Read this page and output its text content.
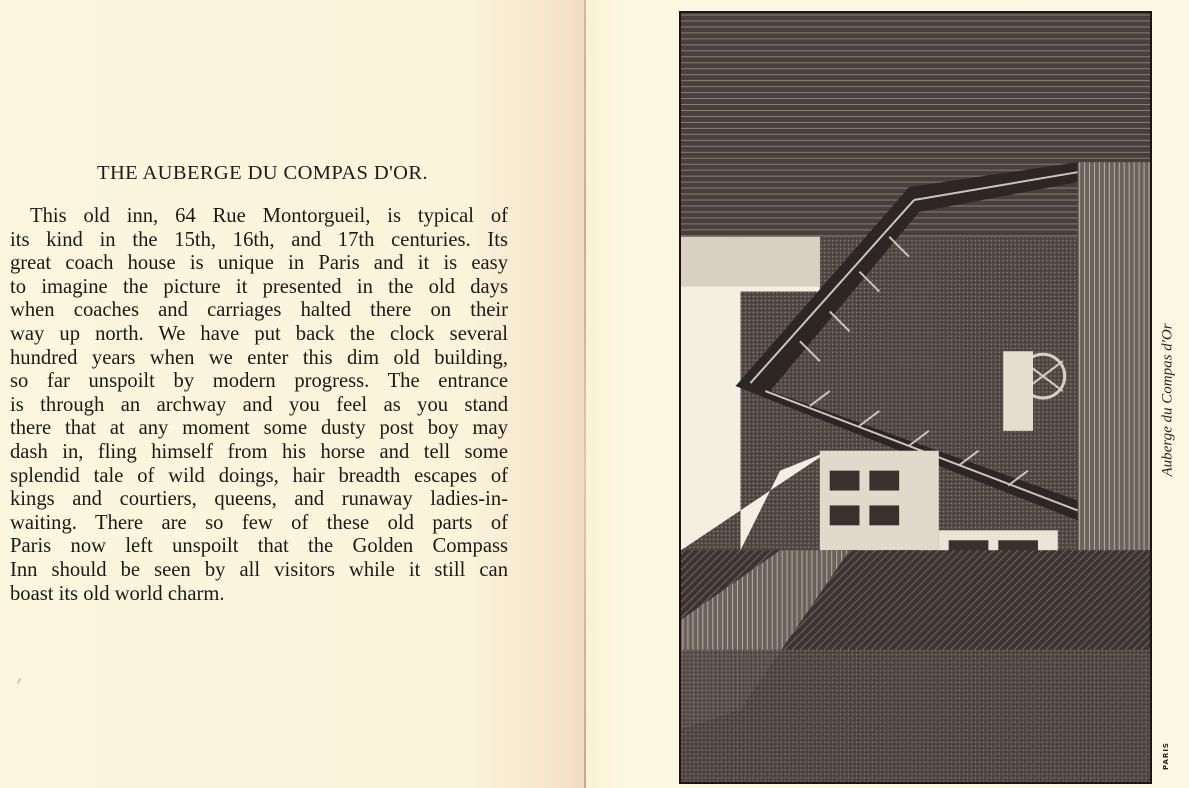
THE AUBERGE DU COMPAS D'OR.
This old inn, 64 Rue Montorgueil, is typical of
its kind in the 15th, 16th, and 17th centuries. Its
great coach house is unique in Paris and it is easy
to imagine the picture it presented in the old days
when coaches and carriages halted there on their
way up north. We have put back the clock several
hundred years when we enter this dim old building,
so far unspoilt by modern progress. The entrance
is through an archway and you feel as you stand
there that at any moment some dusty post boy may
dash in, fling himself from his horse and tell some
splendid tale of wild doings, hair breadth escapes of
kings and courtiers, queens, and runaway ladies-in-
waiting. There are so few of these old parts of
Paris now left unspoilt that the Golden Compass
Inn should be seen by all visitors while it still can
boast its old world charm.
Auberge du Compas d'Or
PARIS
